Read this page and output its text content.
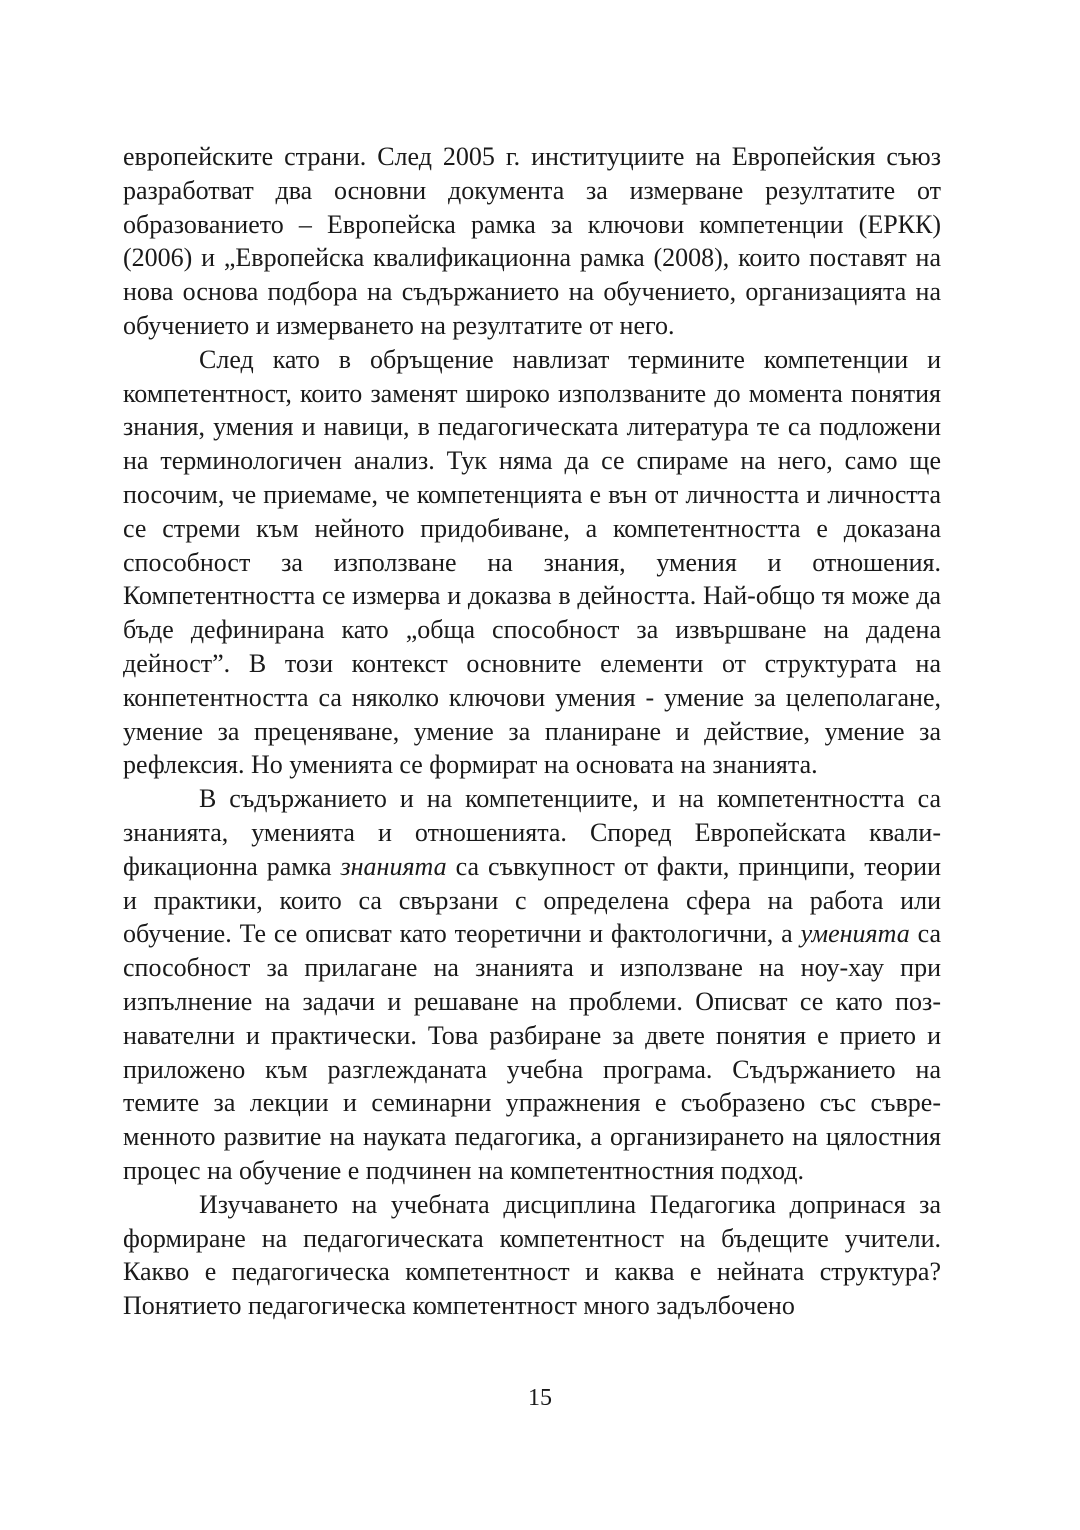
европейските страни. След 2005 г. институциите на Европейския съюз разработват два основни документа за измерване резултатите от образованието – Европейска рамка за ключови компетенции (ЕРКК) (2006) и „Европейска квалификационна рамка (2008), които поставят на нова основа подбора на съдържанието на обучението, организацията на обучението и измерването на резултатите от него.

След като в обръщение навлизат термините компетенции и компетентност, които заменят широко използваните до момента понятия знания, умения и навици, в педагогическата литература те са подложени на терминологичен анализ. Тук няма да се спираме на него, само ще посочим, че приемаме, че компетенцията е вън от личността и личността се стреми към нейното придобиване, а компетентността е доказана способност за използване на знания, умения и отношения. Компетентността се измерва и доказва в дейността. Най-общо тя може да бъде дефинирана като „обща способност за извършване на дадена дейност”. В този контекст основните елементи от структурата на конпетентността са няколко ключови умения - умение за целеполагане, умение за преценяване, умение за планиране и действие, умение за рефлексия. Но уменията се формират на основата на знанията.

В съдържанието и на компетенциите, и на компетентността са знанията, уменията и отношенията. Според Европейската квалификационна рамка знанията са съвкупност от факти, принципи, теории и практики, които са свързани с определена сфера на работа или обучение. Те се описват като теоретични и фактологични, а уменията са способност за прилагане на знанията и използване на ноу-хау при изпълнение на задачи и решаване на проблеми. Описват се като познавателни и практически. Това разбиране за двете понятия е прието и приложено към разглежданата учебна програма. Съдържанието на темите за лекции и семинарни упражнения е съобразено със съвременното развитие на науката педагогика, а организирането на цялостния процес на обучение е подчинен на компетентностния подход.

Изучаването на учебната дисциплина Педагогика допринася за формиране на педагогическата компетентност на бъдещите учители. Какво е педагогическа компетентност и каква е нейната структура? Понятието педагогическа компетентност много задълбочено

15
